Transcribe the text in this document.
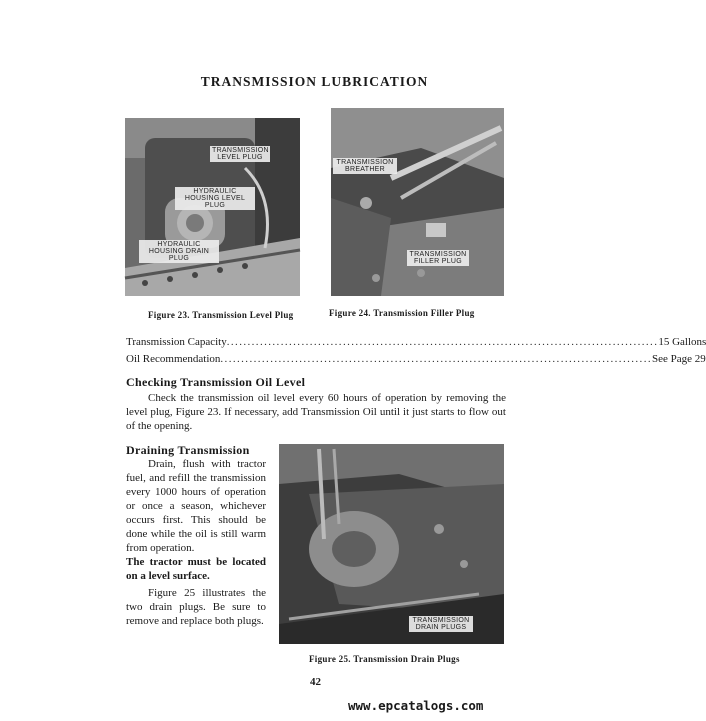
TRANSMISSION LUBRICATION
TRANSMISSION LEVEL PLUG
HYDRAULIC HOUSING LEVEL PLUG
HYDRAULIC HOUSING DRAIN PLUG
TRANSMISSION BREATHER
TRANSMISSION FILLER PLUG
Figure 23. Transmission Level Plug	Figure 24. Transmission Filler Plug
Transmission Capacity ........................................................................................................ 15 Gallons
Oil Recommendation ........................................................................................................ See Page 29
Checking Transmission Oil Level
Check the transmission oil level every 60 hours of operation by removing the level plug, Figure 23. If necessary, add Transmission Oil until it just starts to flow out of the opening.
Draining Transmission
Drain, flush with tractor fuel, and refill the transmission every 1000 hours of operation or once a season, whichever occurs first. This should be done while the oil is still warm from operation.
The tractor must be located on a level surface.
Figure 25 illustrates the two drain plugs. Be sure to remove and replace both plugs.	TRANSMISSION DRAIN PLUGS
Figure 25. Transmission Drain Plugs
42
www.epcatalogs.com
